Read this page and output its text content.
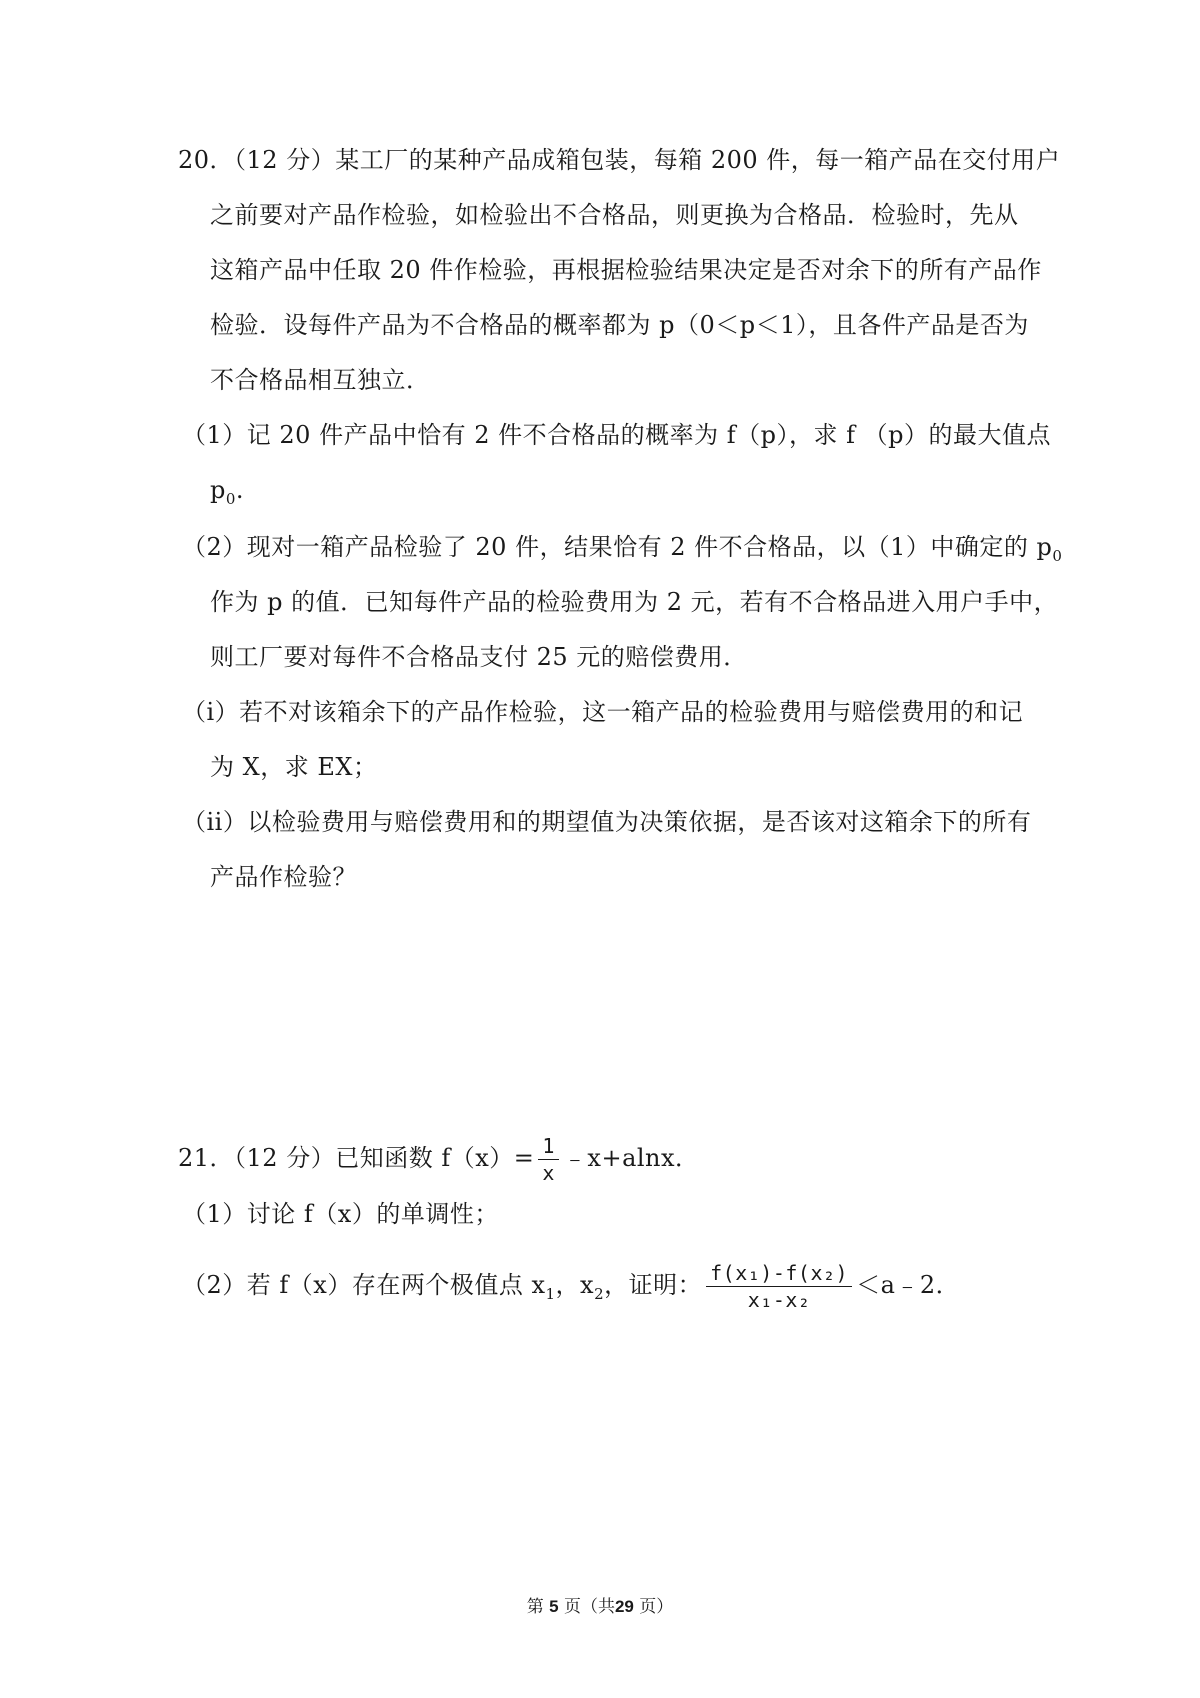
20．（12 分）某工厂的某种产品成箱包装，每箱 200 件，每一箱产品在交付用户
之前要对产品作检验，如检验出不合格品，则更换为合格品．检验时，先从
这箱产品中任取 20 件作检验，再根据检验结果决定是否对余下的所有产品作
检验．设每件产品为不合格品的概率都为 p（0＜p＜1），且各件产品是否为
不合格品相互独立．
（1）记 20 件产品中恰有 2 件不合格品的概率为 f（p），求 f （p）的最大值点
$p_0$.
（2）现对一箱产品检验了 20 件，结果恰有 2 件不合格品，以（1）中确定的 $p_0$
作为 p 的值．已知每件产品的检验费用为 2 元，若有不合格品进入用户手中，
则工厂要对每件不合格品支付 25 元的赔偿费用．
（i）若不对该箱余下的产品作检验，这一箱产品的检验费用与赔偿费用的和记
为 X，求 EX；
（ii）以检验费用与赔偿费用和的期望值为决策依据，是否该对这箱余下的所有
产品作检验？
21．（12 分）已知函数 $f(x)= \frac{1}{x}$ ﹣x+alnx．
（1）讨论 f（x）的单调性；
（2）若 f（x）存在两个极值点 $x_1$，$x_2$，证明： $\frac{\text{f(x₁)-f(x₂)}}{\text{x₁-x₂}}$ ＜a﹣2．
第 5 页（共29 页）
